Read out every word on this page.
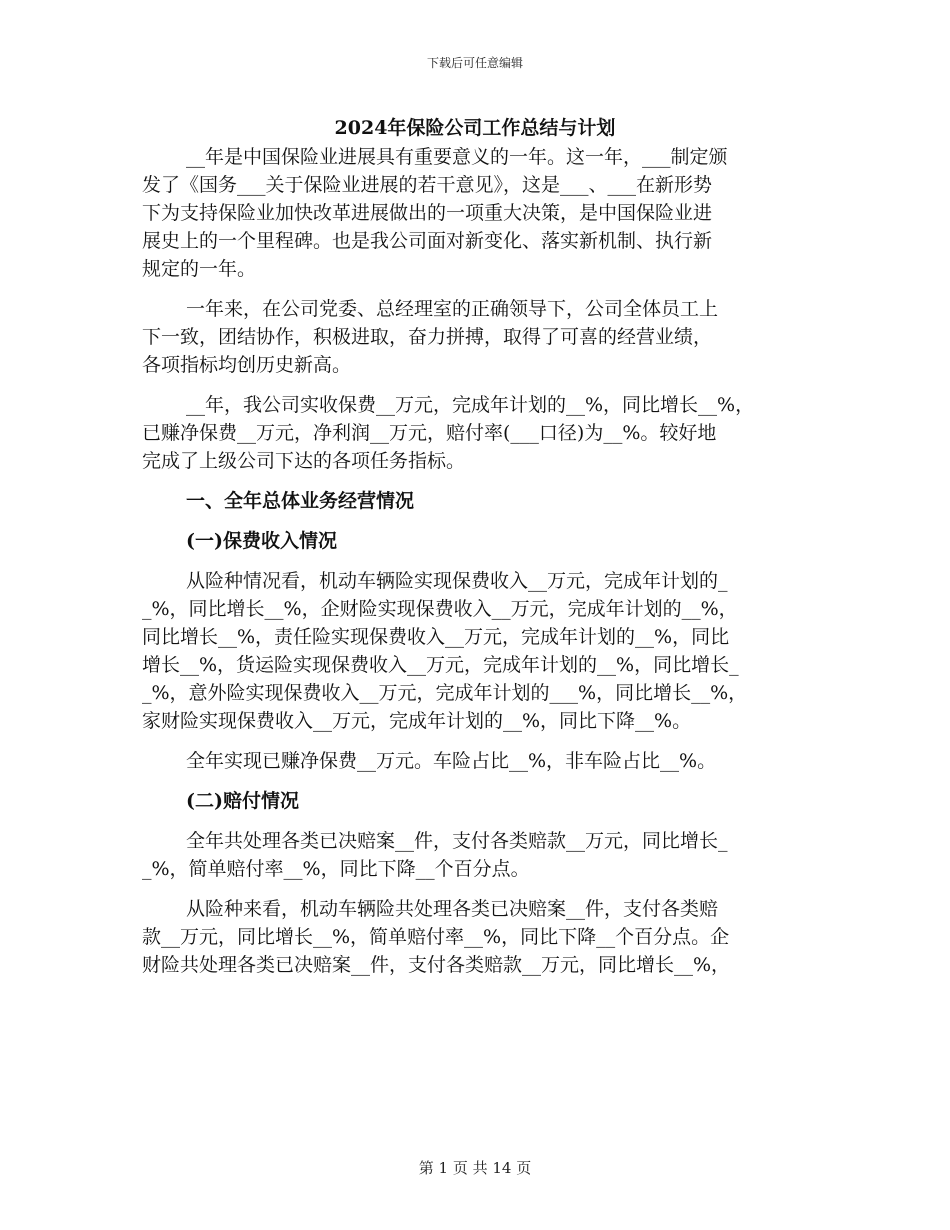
下载后可任意编辑
2024年保险公司工作总结与计划
__年是中国保险业进展具有重要意义的一年。这一年，___制定颁
发了《国务___关于保险业进展的若干意见》，这是___、___在新形势
下为支持保险业加快改革进展做出的一项重大决策，是中国保险业进
展史上的一个里程碑。也是我公司面对新变化、落实新机制、执行新
规定的一年。
一年来，在公司党委、总经理室的正确领导下，公司全体员工上
下一致，团结协作，积极进取，奋力拼搏，取得了可喜的经营业绩，
各项指标均创历史新高。
__年，我公司实收保费__万元，完成年计划的__%，同比增长__%，
已赚净保费__万元，净利润__万元，赔付率(___口径)为__%。较好地
完成了上级公司下达的各项任务指标。
一、全年总体业务经营情况
(一)保费收入情况
从险种情况看，机动车辆险实现保费收入__万元，完成年计划的_
_%，同比增长__%，企财险实现保费收入__万元，完成年计划的__%，
同比增长__%，责任险实现保费收入__万元，完成年计划的__%，同比
增长__%，货运险实现保费收入__万元，完成年计划的__%，同比增长_
_%，意外险实现保费收入__万元，完成年计划的___%，同比增长__%，
家财险实现保费收入__万元，完成年计划的__%，同比下降__%。
全年实现已赚净保费__万元。车险占比__%，非车险占比__%。
(二)赔付情况
全年共处理各类已决赔案__件，支付各类赔款__万元，同比增长_
_%，简单赔付率__%，同比下降__个百分点。
从险种来看，机动车辆险共处理各类已决赔案__件，支付各类赔
款__万元，同比增长__%，简单赔付率__%，同比下降__个百分点。企
财险共处理各类已决赔案__件，支付各类赔款__万元，同比增长__%，
第 1 页 共 14 页
